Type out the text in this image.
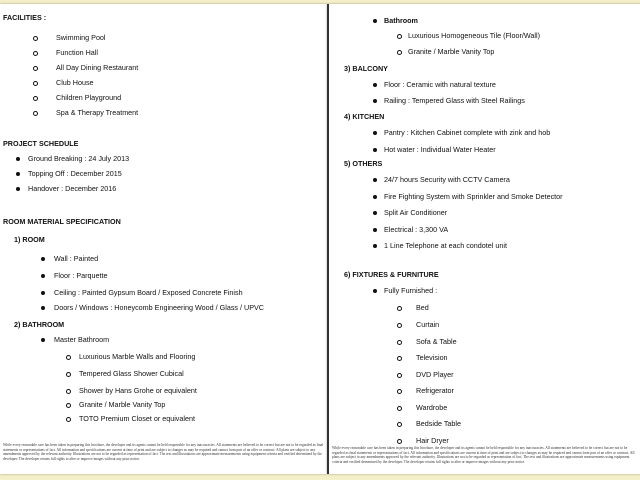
FACILITIES :
Swimming Pool
Function Hall
All Day Dining Restaurant
Club House
Children Playground
Spa & Therapy Treatment
PROJECT SCHEDULE
Ground Breaking : 24 July 2013
Topping Off : December 2015
Handover : December 2016
ROOM MATERIAL SPECIFICATION
1) ROOM
Wall : Painted
Floor : Parquette
Ceiling : Painted Gypsum Board / Exposed Concrete Finish
Doors / Windows : Honeycomb Engineering Wood / Glass / UPVC
2) BATHROOM
Master Bathroom
Luxurious Marble Walls and Flooring
Tempered Glass Shower Cubical
Shower by Hans Grohe or equivalent
Granite / Marble Vanity Top
TOTO Premium Closet or equivalent
While every reasonable care has been taken in preparing this brochure, the developer and its agents cannot be held responsible for any inaccuracies. All statements are believed to be correct but are not to be regarded as final statements or representations of fact. All information and specifications are current at time of print and are subject to changes as may be required and cannot form part of an offer or contract. All plans are subject to any amendments approved by the relevant authority. Illustrations are not to be regarded as representation of fact. The text and illustrations are approximate measurements using equipment criteria and verified determined by the developer. The developer retains full rights to alter or improve images without any prior notice.
Bathroom
Luxurious Homogeneous Tile (Floor/Wall)
Granite / Marble Vanity Top
3) BALCONY
Floor : Ceramic with natural texture
Railing : Tempered Glass with Steel Railings
4) KITCHEN
Pantry : Kitchen Cabinet complete with zink and hob
Hot water : Individual Water Heater
5) OTHERS
24/7 hours Security with CCTV Camera
Fire Fighting System with Sprinkler and Smoke Detector
Split Air Conditioner
Electrical : 3,300 VA
1 Line Telephone at each condotel unit
6) FIXTURES & FURNITURE
Fully Furnished :
Bed
Curtain
Sofa & Table
Television
DVD Player
Refrigerator
Wardrobe
Bedside Table
Hair Dryer
While every reasonable care has been taken in preparing this brochure, the developer and its agents cannot be held responsible for any inaccuracies. All statements are believed to be correct but are not to be regarded as final statements or representations of fact. All information and specifications are current at time of print and are subject to changes as may be required and cannot form part of an offer or contract. All plans are subject to any amendments approved by the relevant authority. Illustrations are not to be regarded as representation of fact. The text and illustrations are approximate measurements using equipment criteria and verified determined by the developer. The developer retains full rights to alter or improve images without any prior notice.
